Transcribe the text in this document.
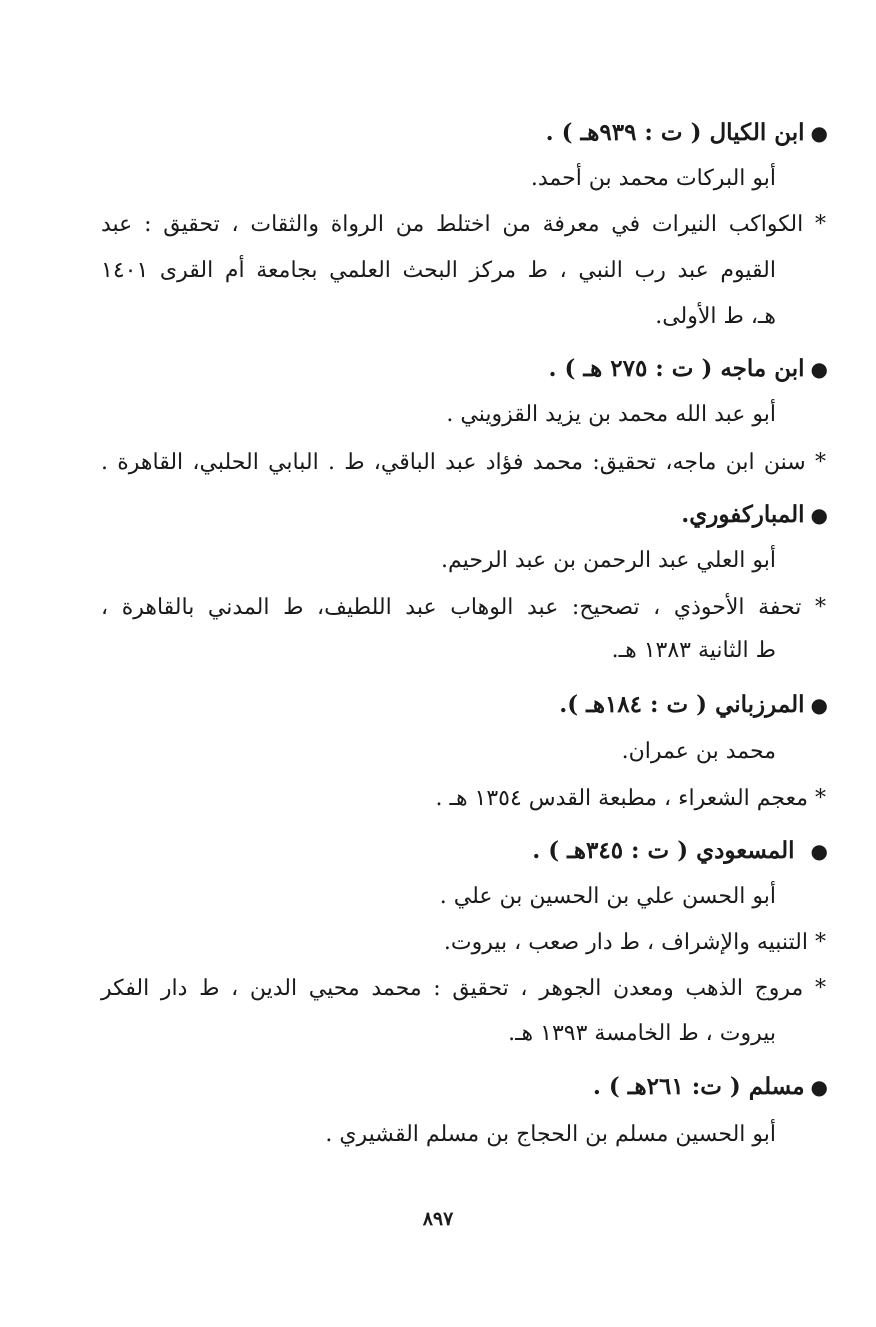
●ابن الكيال ( ت : ٩٣٩هـ ) .
أبو البركات محمد بن أحمد.
* الكواكب النيرات في معرفة من اختلط من الرواة والثقات ، تحقيق : عبد
القيوم عبد رب النبي ، ط مركز البحث العلمي بجامعة أم القرى ١٤٠١
هـ، ط الأولى.
●ابن ماجه ( ت : ٢٧٥ هـ ) .
أبو عبد الله محمد بن يزيد القزويني .
* سنن ابن ماجه، تحقيق: محمد فؤاد عبد الباقي، ط . البابي الحلبي، القاهرة .
●المباركفوري.
أبو العلي عبد الرحمن بن عبد الرحيم.
* تحفة الأحوذي ، تصحيح: عبد الوهاب عبد اللطيف، ط المدني بالقاهرة ،
ط الثانية ١٣٨٣ هـ.
●المرزباني ( ت : ١٨٤هـ ).
محمد بن عمران.
* معجم الشعراء ، مطبعة القدس ١٣٥٤ هـ .
●المسعودي ( ت : ٣٤٥هـ ) .
أبو الحسن علي بن الحسين بن علي .
* التنبيه والإشراف ، ط دار صعب ، بيروت.
* مروج الذهب ومعدن الجوهر ، تحقيق : محمد محيي الدين ، ط دار الفكر
بيروت ، ط الخامسة ١٣٩٣ هـ.
●مسلم ( ت: ٢٦١هـ ) .
أبو الحسين مسلم بن الحجاج بن مسلم القشيري .
٨٩٧
